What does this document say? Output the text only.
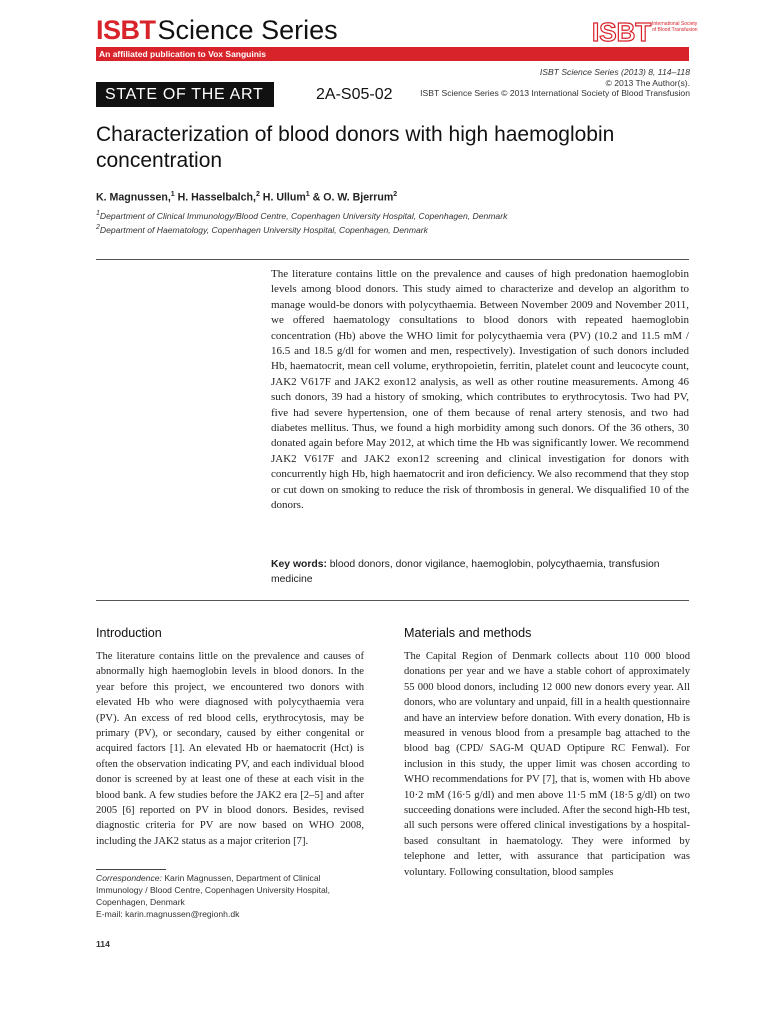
ISBTScience Series	ISBT International Society of Blood Transfusion
An affiliated publication to Vox Sanguinis
ISBT Science Series (2013) 8, 114–118
© 2013 The Author(s).
ISBT Science Series © 2013 International Society of Blood Transfusion
STATE OF THE ART	2A-S05-02
Characterization of blood donors with high haemoglobin concentration
K. Magnussen,$^1$ H. Hasselbalch,$^2$ H. Ullum$^1$ & O. W. Bjerrum$^2$
$^1$Department of Clinical Immunology/Blood Centre, Copenhagen University Hospital, Copenhagen, Denmark
$^2$Department of Haematology, Copenhagen University Hospital, Copenhagen, Denmark

The literature contains little on the prevalence and causes of high predonation haemoglobin levels among blood donors. This study aimed to characterize and develop an algorithm to manage would-be donors with polycythaemia. Between November 2009 and November 2011, we offered haematology consultations to blood donors with repeated haemoglobin concentration (Hb) above the WHO limit for polycythaemia vera (PV) (10.2 and 11.5 mM / 16.5 and 18.5 g/dl for women and men, respectively). Investigation of such donors included Hb, haematocrit, mean cell volume, erythropoietin, ferritin, platelet count and leucocyte count, JAK2 V617F and JAK2 exon12 analysis, as well as other routine measurements. Among 46 such donors, 39 had a history of smoking, which contributes to erythrocytosis. Two had PV, five had severe hypertension, one of them because of renal artery stenosis, and two had diabetes mellitus. Thus, we found a high morbidity among such donors. Of the 36 others, 30 donated again before May 2012, at which time the Hb was significantly lower. We recommend JAK2 V617F and JAK2 exon12 screening and clinical investigation for donors with concurrently high Hb, high haematocrit and iron deficiency. We also recommend that they stop or cut down on smoking to reduce the risk of thrombosis in general. We disqualified 10 of the donors.

Key words: blood donors, donor vigilance, haemoglobin, polycythaemia, transfusion medicine

Introduction	Materials and methods

The literature contains little on the prevalence and causes of abnormally high haemoglobin levels in blood donors. In the year before this project, we encountered two donors with elevated Hb who were diagnosed with polycythaemia vera (PV). An excess of red blood cells, erythrocytosis, may be primary (PV), or secondary, caused by either congenital or acquired factors [1]. An elevated Hb or haematocrit (Hct) is often the observation indicating PV, and each individual blood donor is screened by at least one of these at each visit in the blood bank. A few studies before the JAK2 era [2–5] and after 2005 [6] reported on PV in blood donors. Besides, revised diagnostic criteria for PV are now based on WHO 2008, including the JAK2 status as a major criterion [7].

The Capital Region of Denmark collects about 110 000 blood donations per year and we have a stable cohort of approximately 55 000 blood donors, including 12 000 new donors every year. All donors, who are voluntary and unpaid, fill in a health questionnaire and have an interview before donation. With every donation, Hb is measured in venous blood from a presample bag attached to the blood bag (CPD/ SAG-M QUAD Optipure RC Fenwal). For inclusion in this study, the upper limit was chosen according to WHO recommendations for PV [7], that is, women with Hb above 10·2 mM (16·5 g/dl) and men above 11·5 mM (18·5 g/dl) on two succeeding donations were included. After the second high-Hb test, all such persons were offered clinical investigations by a hospital-based consultant in haematology. They were informed by telephone and letter, with assurance that participation was voluntary. Following consultation, blood samples

Correspondence: Karin Magnussen, Department of Clinical Immunology / Blood Centre, Copenhagen University Hospital, Copenhagen, Denmark
E-mail: karin.magnussen@regionh.dk
114
